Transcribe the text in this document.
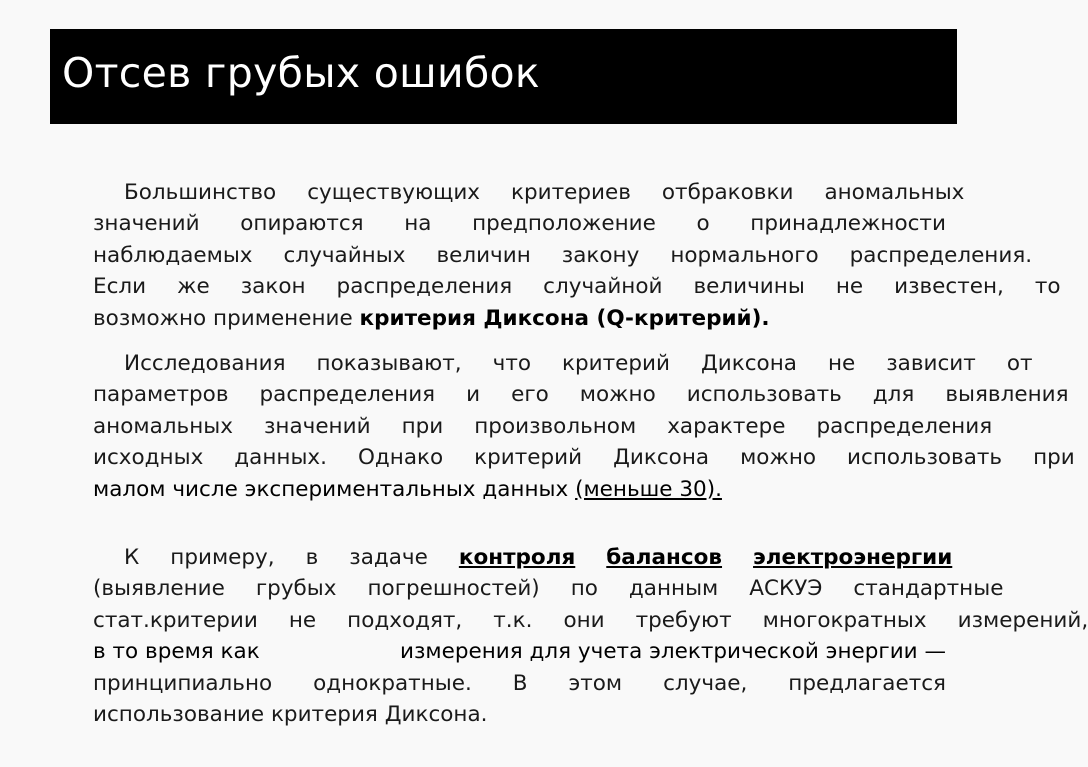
Отсев грубых ошибок
Большинство	существующих	критериев	отбраковки	аномальных
значений	опираются	на	предположение	о	принадлежности
наблюдаемых	случайных	величин	закону	нормального	распределения.
Если	же	закон	распределения	случайной	величины	не	известен,	то
возможно применение критерия Диксона (Q-критерий).
Исследования	показывают,	что	критерий	Диксона	не	зависит	от
параметров	распределения	и	его	можно	использовать	для	выявления
аномальных	значений	при	произвольном	характере	распределения
исходных	данных.	Однако	критерий	Диксона	можно	использовать	при
малом числе экспериментальных данных (меньше 30).
К	примеру,	в	задаче	контроля	балансов	электроэнергии
(выявление	грубых	погрешностей)	по	данным	АСКУЭ	стандартные
стат.критерии	не	подходят,	т.к.	они	требуют	многократных	измерений,
в то время как	измерения для учета электрической энергии —
принципиально	однократные.	В	этом	случае,	предлагается
использование критерия Диксона.
